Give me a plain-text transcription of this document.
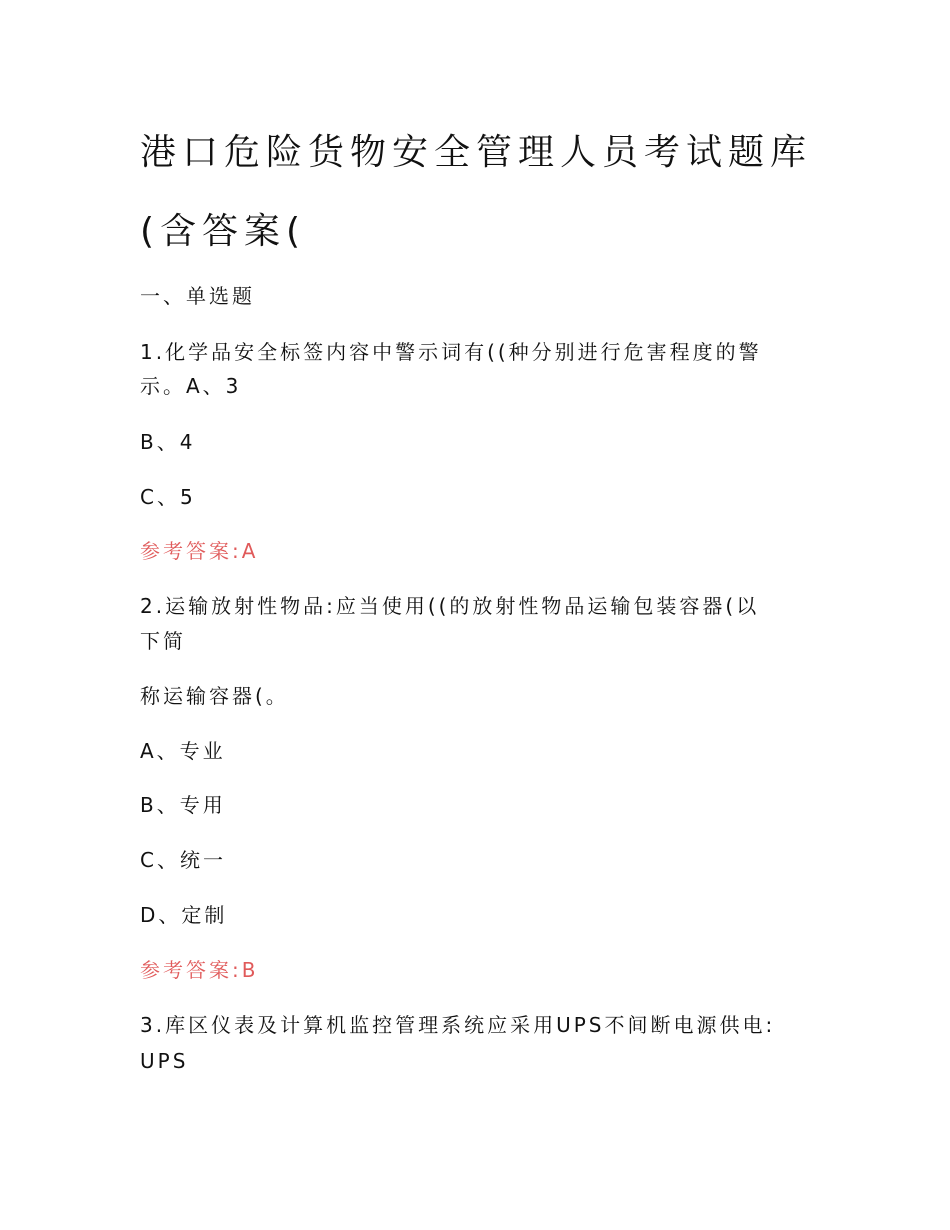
港口危险货物安全管理人员考试题库
(含答案(
一、单选题
1.化学品安全标签内容中警示词有((种分别进行危害程度的警
示。A、3
B、4
C、5
参考答案:A
2.运输放射性物品:应当使用((的放射性物品运输包装容器(以
下简
称运输容器(。
A、专业
B、专用
C、统一
D、定制
参考答案:B
3.库区仪表及计算机监控管理系统应采用UPS不间断电源供电:
UPS
